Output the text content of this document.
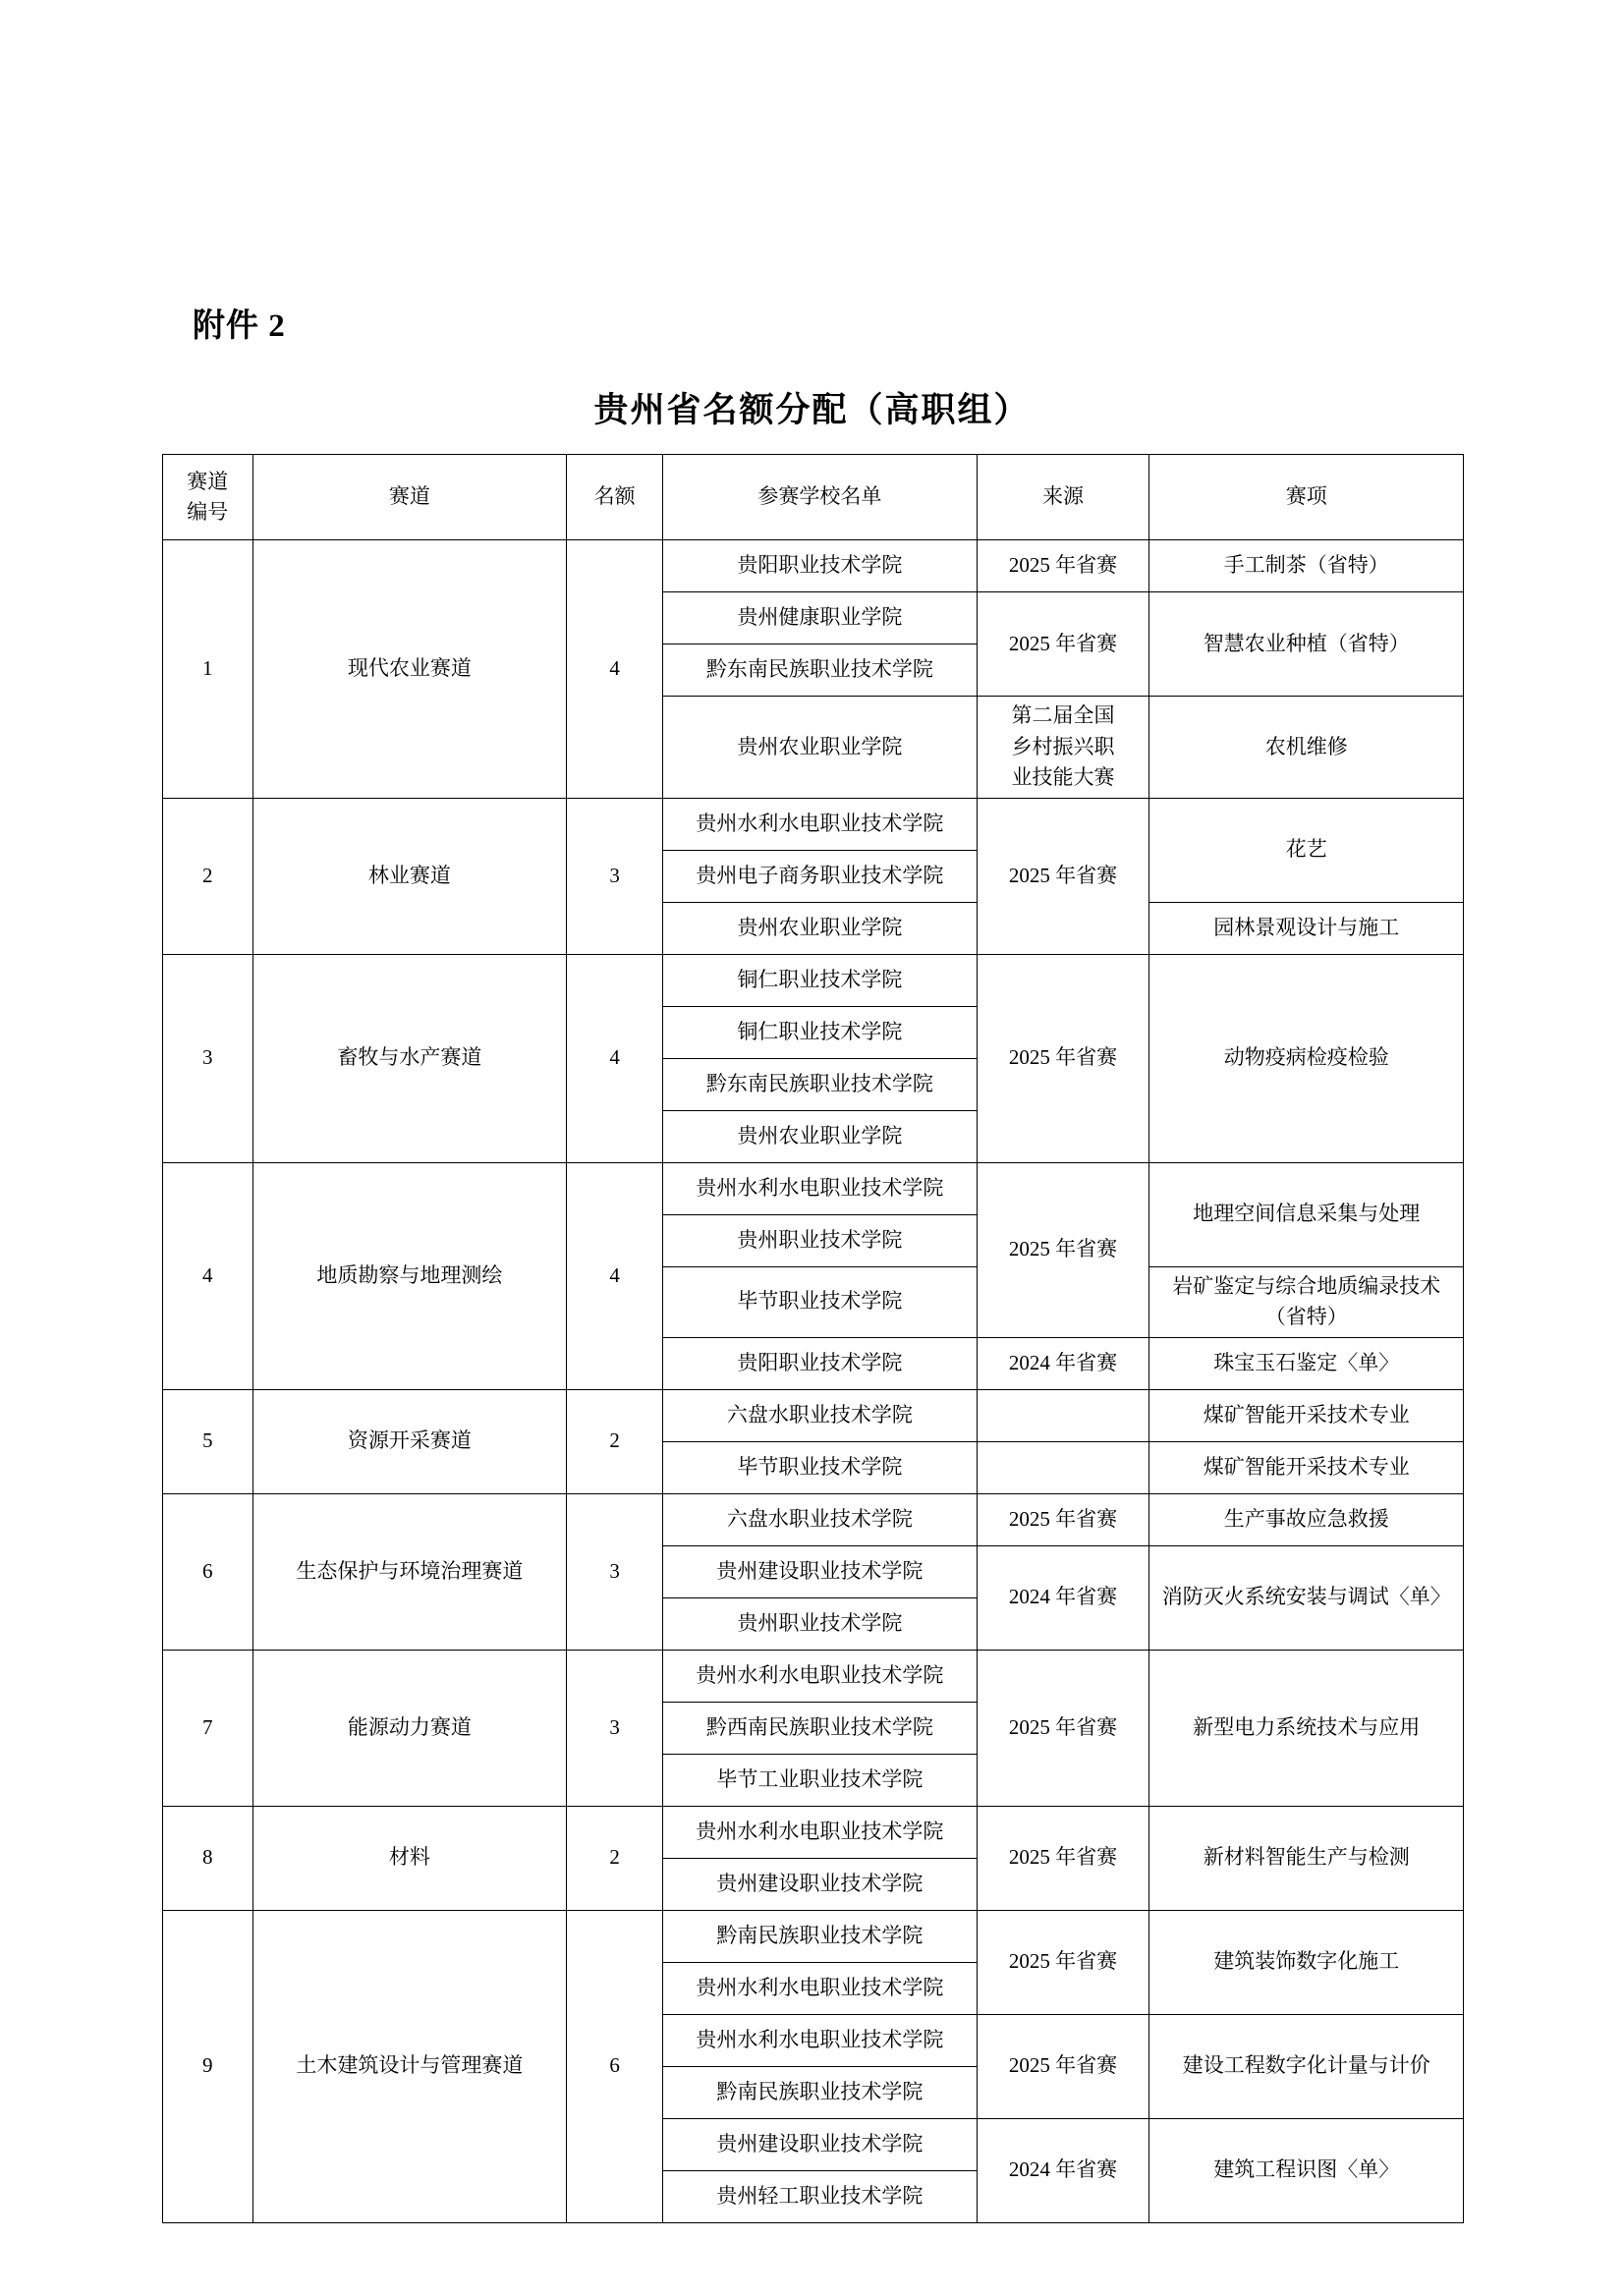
附件 2
贵州省名额分配（高职组）
赛道
编号	赛道	名额	参赛学校名单	来源	赛项
1	现代农业赛道	4	贵阳职业技术学院	2025 年省赛	手工制茶（省特）
			贵州健康职业学院	2025 年省赛	智慧农业种植（省特）
			黔东南民族职业技术学院		
			贵州农业职业学院	第二届全国
乡村振兴职
业技能大赛	农机维修
2	林业赛道	3	贵州水利水电职业技术学院	2025 年省赛	花艺
			贵州电子商务职业技术学院		
			贵州农业职业学院		园林景观设计与施工
3	畜牧与水产赛道	4	铜仁职业技术学院	2025 年省赛	动物疫病检疫检验
			铜仁职业技术学院		
			黔东南民族职业技术学院		
			贵州农业职业学院		
4	地质勘察与地理测绘	4	贵州水利水电职业技术学院	2025 年省赛	地理空间信息采集与处理
			贵州职业技术学院		
			毕节职业技术学院		岩矿鉴定与综合地质编录技术
（省特）

			贵阳职业技术学院	2024 年省赛	珠宝玉石鉴定〈单〉
5	资源开采赛道	2	六盘水职业技术学院		煤矿智能开采技术专业
			毕节职业技术学院		煤矿智能开采技术专业
6	生态保护与环境治理赛道	3	六盘水职业技术学院	2025 年省赛	生产事故应急救援
			贵州建设职业技术学院	2024 年省赛	消防灭火系统安装与调试〈单〉
			贵州职业技术学院		
7	能源动力赛道	3	贵州水利水电职业技术学院	2025 年省赛	新型电力系统技术与应用
			黔西南民族职业技术学院		
			毕节工业职业技术学院		
8	材料	2	贵州水利水电职业技术学院	2025 年省赛	新材料智能生产与检测
			贵州建设职业技术学院		
9	土木建筑设计与管理赛道	6	黔南民族职业技术学院	2025 年省赛	建筑装饰数字化施工
			贵州水利水电职业技术学院		
			贵州水利水电职业技术学院	2025 年省赛	建设工程数字化计量与计价
			黔南民族职业技术学院		
			贵州建设职业技术学院	2024 年省赛	建筑工程识图〈单〉
			贵州轻工职业技术学院		
